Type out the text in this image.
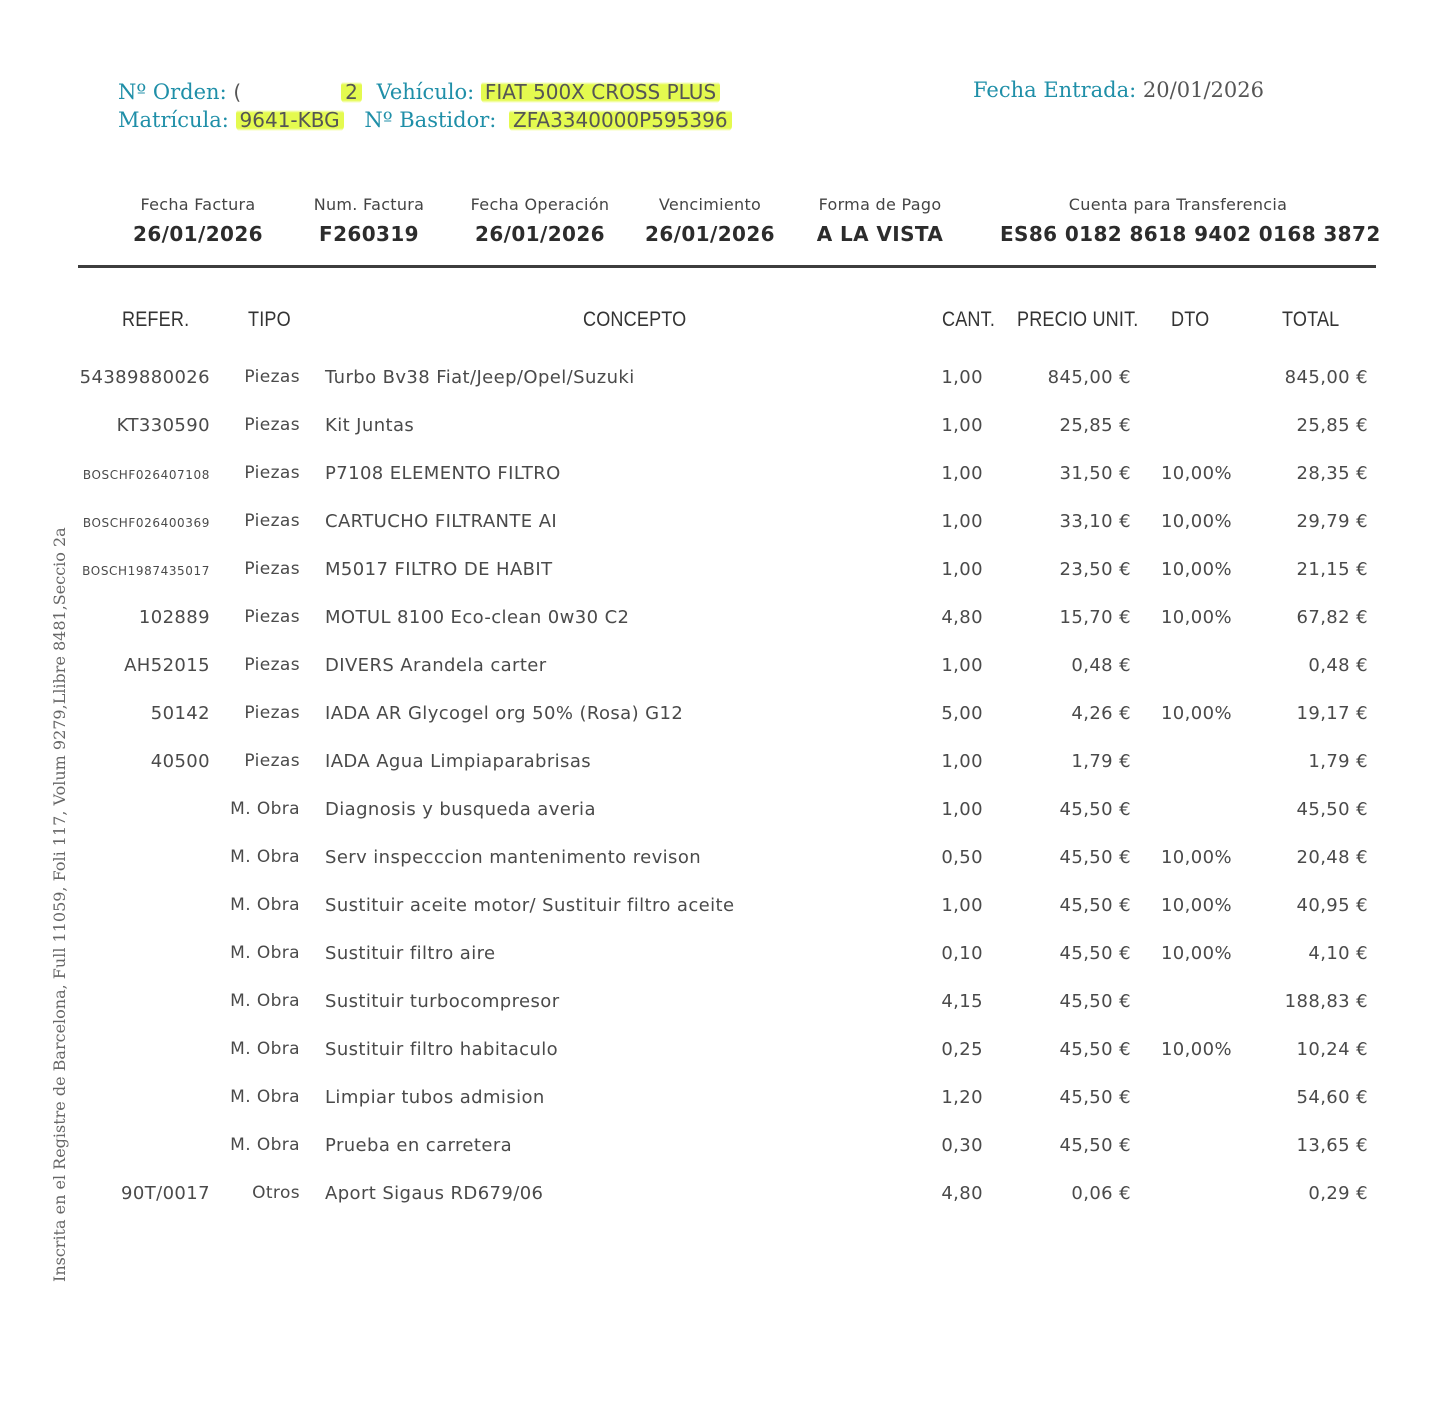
Nº Orden: (	2 Vehículo: FIAT 500X CROSS PLUS
Matrícula: 9641-KBG Nº Bastidor: ZFA3340000P595396
Fecha Entrada: 20/01/2026
Fecha Factura
26/01/2026
Num. Factura
F260319
Fecha Operación
26/01/2026
Vencimiento
26/01/2026
Forma de Pago
A LA VISTA
Cuenta para Transferencia
ES86 0182 8618 9402 0168 3872
REFER.	TIPO	CONCEPTO	CANT. PRECIO UNIT. DTO	TOTAL
54389880026 Piezas Turbo Bv38 Fiat/Jeep/Opel/Suzuki	1,00	845,00 €	845,00 €
KT330590 Piezas Kit Juntas	1,00	25,85 €	25,85 €
BOSCHF026407108 Piezas P7108 ELEMENTO FILTRO	1,00	31,50 € 10,00%	28,35 €
BOSCHF026400369 Piezas CARTUCHO FILTRANTE AI	1,00	33,10 € 10,00%	29,79 €
BOSCH1987435017 Piezas M5017 FILTRO DE HABIT	1,00	23,50 € 10,00%	21,15 €
102889 Piezas MOTUL 8100 Eco-clean 0w30 C2	4,80	15,70 € 10,00%	67,82 €
AH52015 Piezas DIVERS Arandela carter	1,00	0,48 €	0,48 €
50142 Piezas IADA AR Glycogel org 50% (Rosa) G12	5,00	4,26 € 10,00%	19,17 €
40500 Piezas IADA Agua Limpiaparabrisas	1,00	1,79 €	1,79 €
M. Obra Diagnosis y busqueda averia	1,00	45,50 €	45,50 €
M. Obra Serv inspecccion mantenimento revison	0,50	45,50 € 10,00%	20,48 €
M. Obra Sustituir aceite motor/ Sustituir filtro aceite	1,00	45,50 € 10,00%	40,95 €
M. Obra Sustituir filtro aire	0,10	45,50 € 10,00%	4,10 €
M. Obra Sustituir turbocompresor	4,15	45,50 €	188,83 €
M. Obra Sustituir filtro habitaculo	0,25	45,50 € 10,00%	10,24 €
M. Obra Limpiar tubos admision	1,20	45,50 €	54,60 €
M. Obra Prueba en carretera	0,30	45,50 €	13,65 €
90T/0017 Otros Aport Sigaus RD679/06	4,80	0,06 €	0,29 €
Inscrita en el Registre de Barcelona, Full 11059, Foli 117, Volum 9279,Llibre 8481,Seccio 2a
